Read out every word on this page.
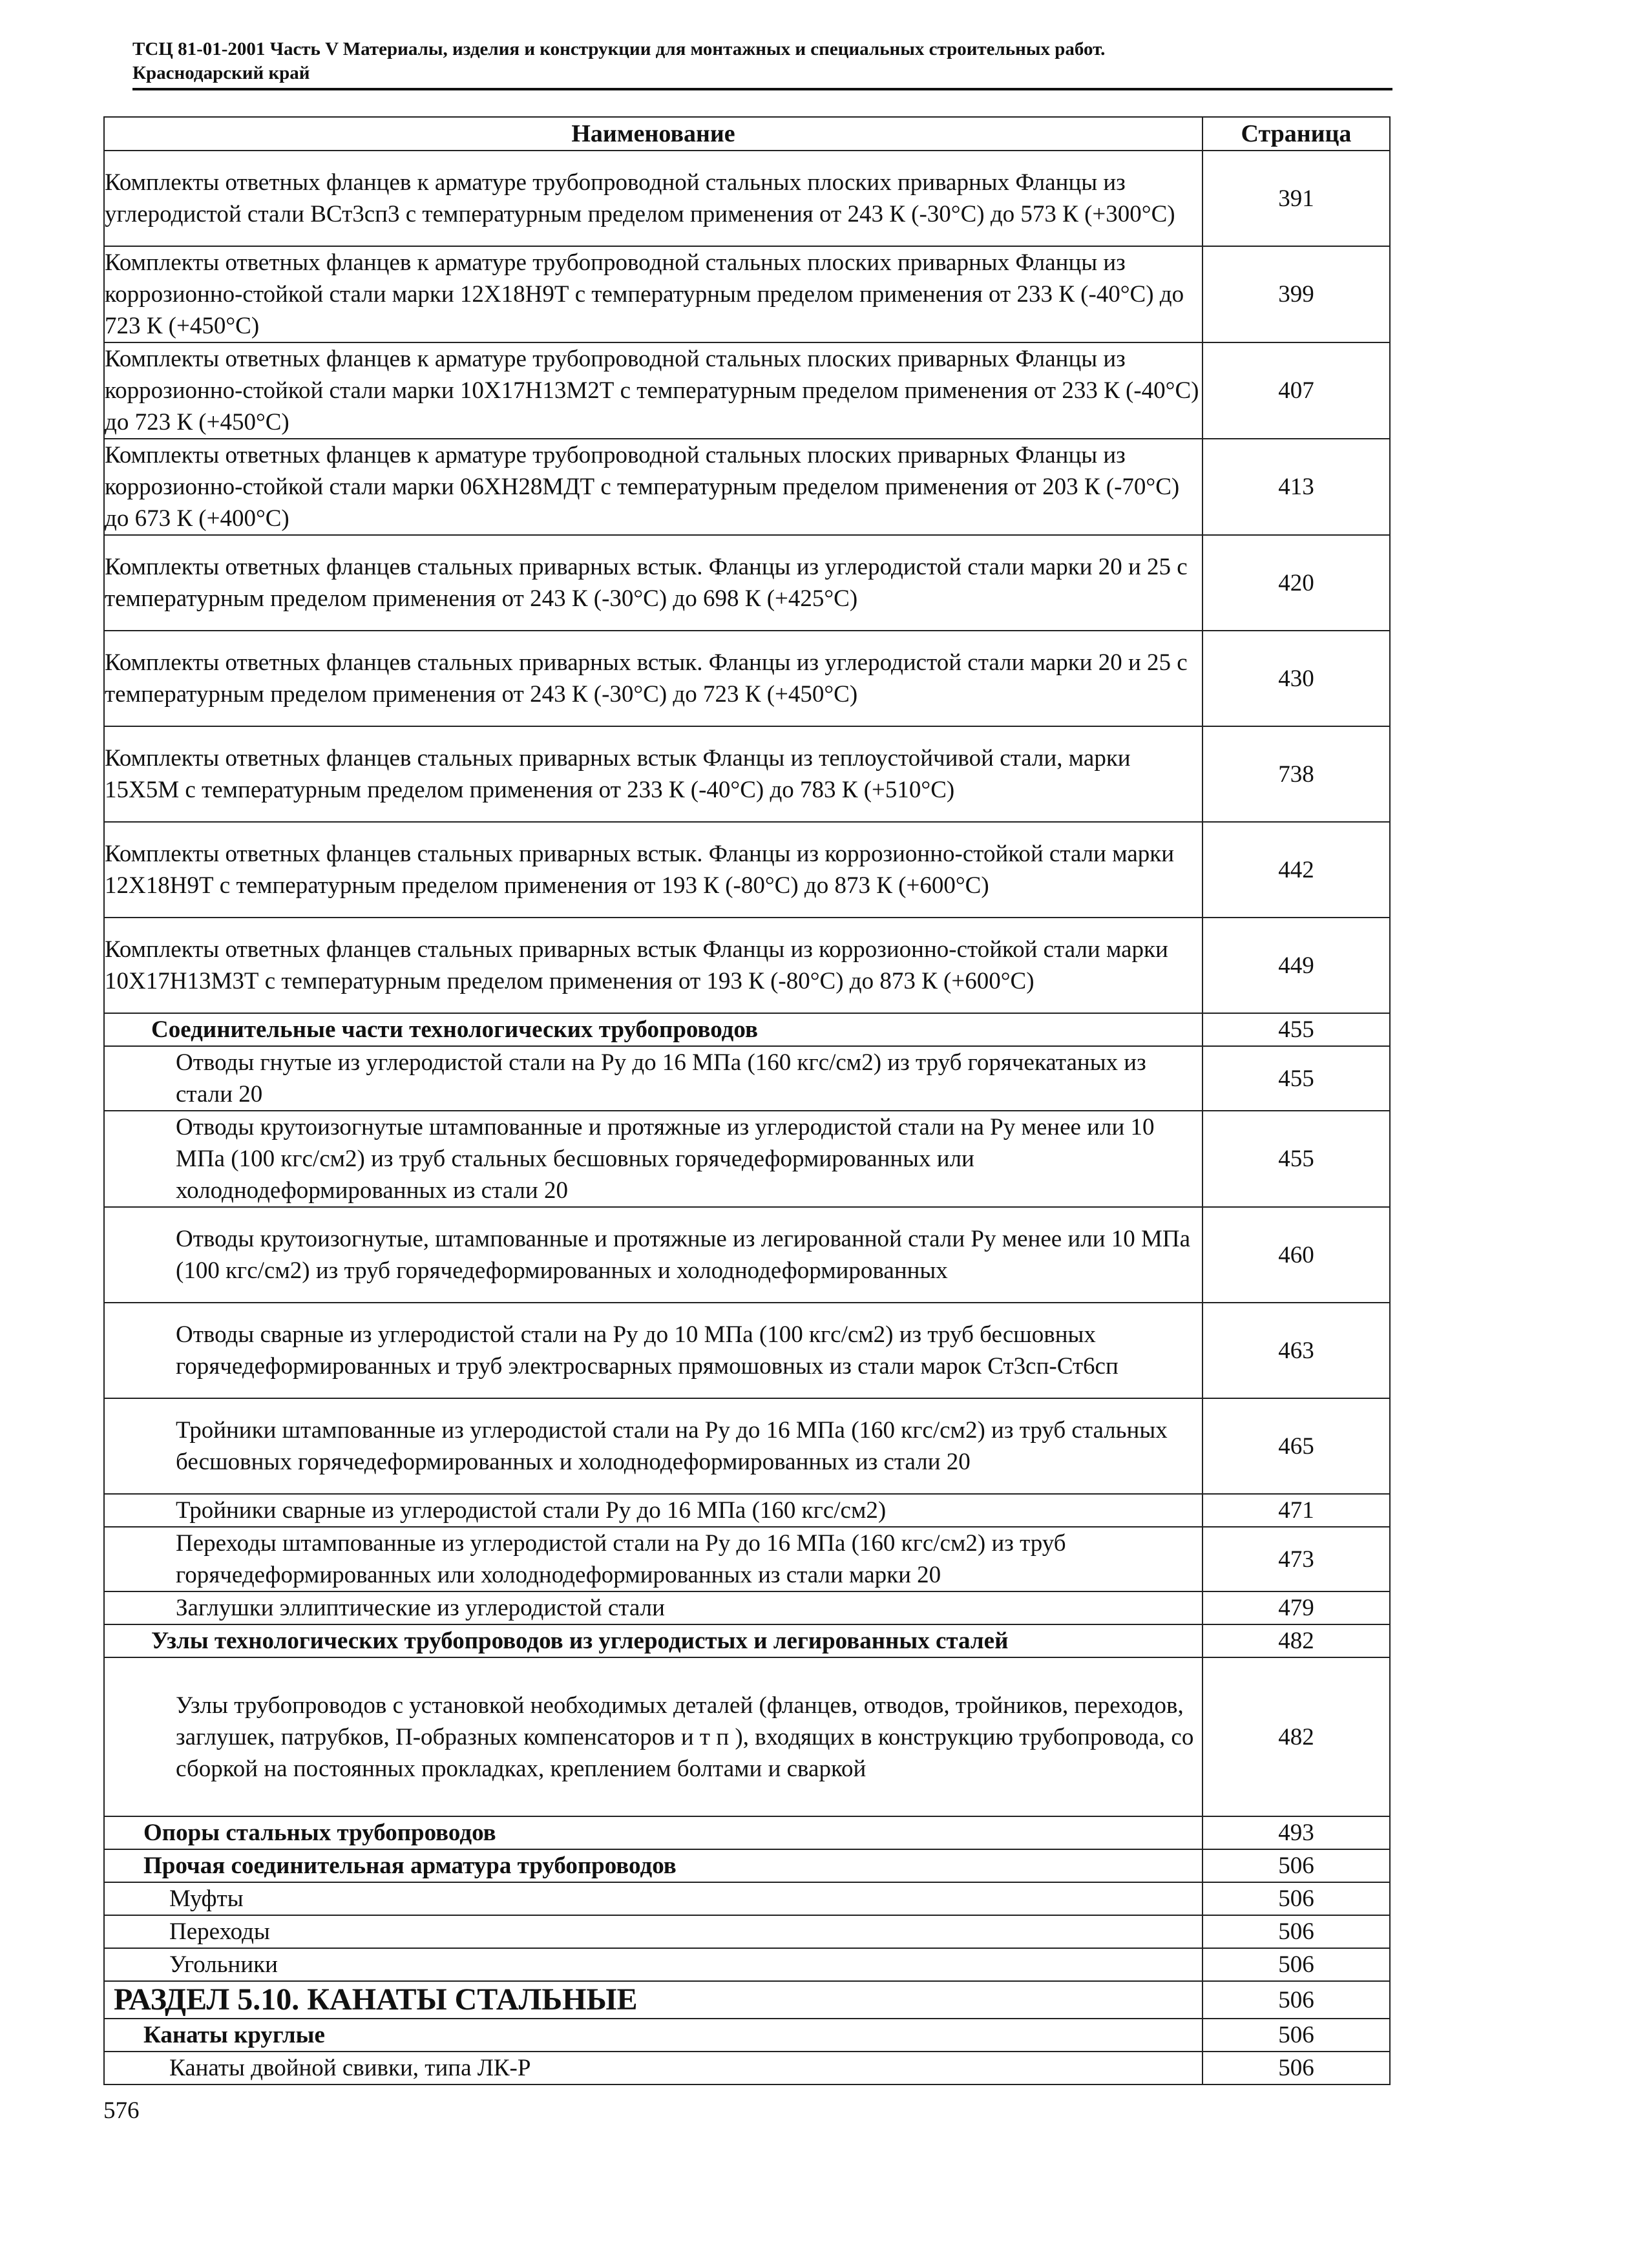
ТСЦ 81-01-2001 Часть V Материалы, изделия и конструкции для монтажных и специальных строительных работ.
Краснодарский край
Наименование	Страница
Комплекты ответных фланцев к арматуре трубопроводной стальных плоских приварных Фланцы из углеродистой стали ВСт3сп3 с температурным пределом применения от 243 К (-30°С) до 573 К (+300°С)	391
Комплекты ответных фланцев к арматуре трубопроводной стальных плоских приварных Фланцы из коррозионно-стойкой стали марки 12Х18Н9Т с температурным пределом применения от 233 К (-40°С) до 723 К (+450°С)	399
Комплекты ответных фланцев к арматуре трубопроводной стальных плоских приварных Фланцы из коррозионно-стойкой стали марки 10Х17Н13М2Т с температурным пределом применения от 233 К (-40°С) до 723 К (+450°С)	407
Комплекты ответных фланцев к арматуре трубопроводной стальных плоских приварных Фланцы из коррозионно-стойкой стали марки 06ХН28МДТ с температурным пределом применения от 203 К (-70°С) до 673 К (+400°С)	413
Комплекты ответных фланцев стальных приварных встык. Фланцы из углеродистой стали марки 20 и 25 с температурным пределом применения от 243 К (-30°С) до 698 К (+425°С)	420
Комплекты ответных фланцев стальных приварных встык. Фланцы из углеродистой стали марки 20 и 25 с температурным пределом применения от 243 К (-30°С) до 723 К (+450°С)	430
Комплекты ответных фланцев стальных приварных встык Фланцы из теплоустойчивой стали, марки 15Х5М с температурным пределом применения от 233 К (-40°С) до 783 К (+510°С)	738
Комплекты ответных фланцев стальных приварных встык. Фланцы из коррозионно-стойкой стали марки 12Х18Н9Т с температурным пределом применения от 193 К (-80°С) до 873 К (+600°С)	442
Комплекты ответных фланцев стальных приварных встык Фланцы из коррозионно-стойкой стали марки 10Х17Н13М3Т с температурным пределом применения от 193 К (-80°С) до 873 К (+600°С)	449
Соединительные части технологических трубопроводов	455
Отводы гнутые из углеродистой стали на Ру до 16 МПа (160 кгс/см2) из труб горячекатаных из стали 20	455
Отводы крутоизогнутые штампованные и протяжные из углеродистой стали на Ру менее или 10 МПа (100 кгс/см2) из труб стальных бесшовных горячедеформированных или холоднодеформированных из стали 20	455
Отводы крутоизогнутые, штампованные и протяжные из легированной стали Ру менее или 10 МПа (100 кгс/см2) из труб горячедеформированных и холоднодеформированных	460
Отводы сварные из углеродистой стали на Ру до 10 МПа (100 кгс/см2) из труб бесшовных горячедеформированных и труб электросварных прямошовных из стали марок Ст3сп-Ст6сп	463
Тройники штампованные из углеродистой стали на Ру до 16 МПа (160 кгс/см2) из труб стальных бесшовных горячедеформированных и холоднодеформированных из стали 20	465
Тройники сварные из углеродистой стали Ру до 16 МПа (160 кгс/см2)	471
Переходы штампованные из углеродистой стали на Ру до 16 МПа (160 кгс/см2) из труб горячедеформированных или холоднодеформированных из стали марки 20	473
Заглушки эллиптические из углеродистой стали	479
Узлы технологических трубопроводов из углеродистых и легированных сталей	482
Узлы трубопроводов с установкой необходимых деталей (фланцев, отводов, тройников, переходов, заглушек, патрубков, П-образных компенсаторов и т п ), входящих в конструкцию трубопровода, со сборкой на постоянных прокладках, креплением болтами и сваркой	482
Опоры стальных трубопроводов	493
Прочая соединительная арматура трубопроводов	506
Муфты	506
Переходы	506
Угольники	506
РАЗДЕЛ 5.10. КАНАТЫ СТАЛЬНЫЕ	506
Канаты круглые	506
Канаты двойной свивки, типа ЛК-Р	506
576
